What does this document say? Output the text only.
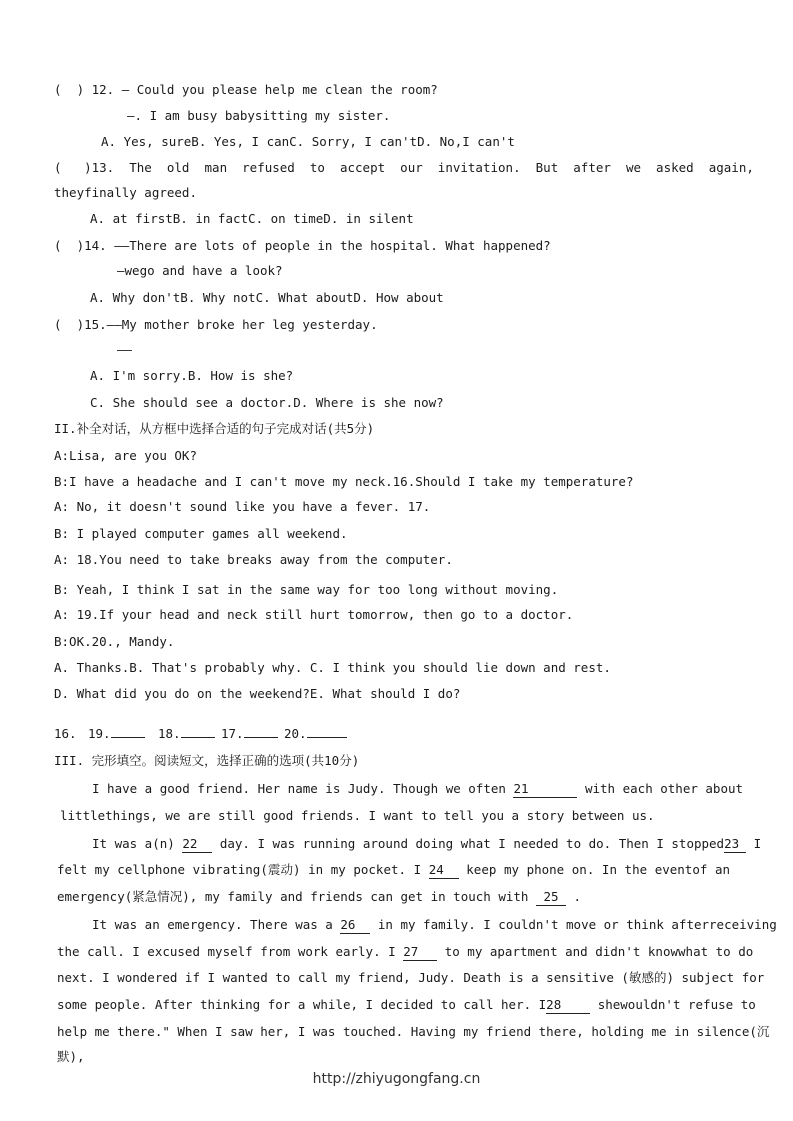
(  ) 12. — Could you please help me clean the room?
—. I am busy babysitting my sister.
A. Yes, sureB. Yes, I canC. Sorry, I can'tD. No,I can't
(   )13.  The  old  man  refused  to  accept  our  invitation.  But  after  we  asked  again,
theyfinally agreed.
A. at firstB. in factC. on timeD. in silent
(  )14. ——There are lots of people in the hospital. What happened?
—wego and have a look?
A. Why don'tB. Why notC. What aboutD. How about
(  )15.——My mother broke her leg yesterday.
——
A. I'm sorry.B. How is she?
C. She should see a doctor.D. Where is she now?
II.补全对话，从方框中选择合适的句子完成对话(共5分)
A:Lisa, are you OK?
B:I have a headache and I can't move my neck.16.Should I take my temperature?
A: No, it doesn't sound like you have a fever. 17.
B: I played computer games all weekend.
A: 18.You need to take breaks away from the computer.
B: Yeah, I think I sat in the same way for too long without moving.
A: 19.If your head and neck still hurt tomorrow, then go to a doctor.
B:OK.20., Mandy.
A. Thanks.B. That's probably why. C. I think you should lie down and rest.
D. What did you do on the weekend?E. What should I do?
16. 19.	18.	17.	20.
III. 完形填空。阅读短文，选择正确的选项(共10分)
I have a good friend. Her name is Judy. Though we often 21	with each other about
littlethings, we are still good friends. I want to tell you a story between us.
It was a(n) 22 day. I was running around doing what I needed to do. Then I stopped23 I
felt my cellphone vibrating(震动) in my pocket. I 24 keep my phone on. In the eventof an
emergency(紧急情况), my family and friends can get in touch with 25 .
It was an emergency. There was a 26 in my family. I couldn't move or think afterreceiving
the call. I excused myself from work early. I 27 to my apartment and didn't knowwhat to do
next. I wondered if I wanted to call my friend, Judy. Death is a sensitive (敏感的) subject for
some people. After thinking for a while, I decided to call her. I28	shewouldn't refuse to
help me there." When I saw her, I was touched. Having my friend there, holding me in silence(沉
默),
http://zhiyugongfang.cn
